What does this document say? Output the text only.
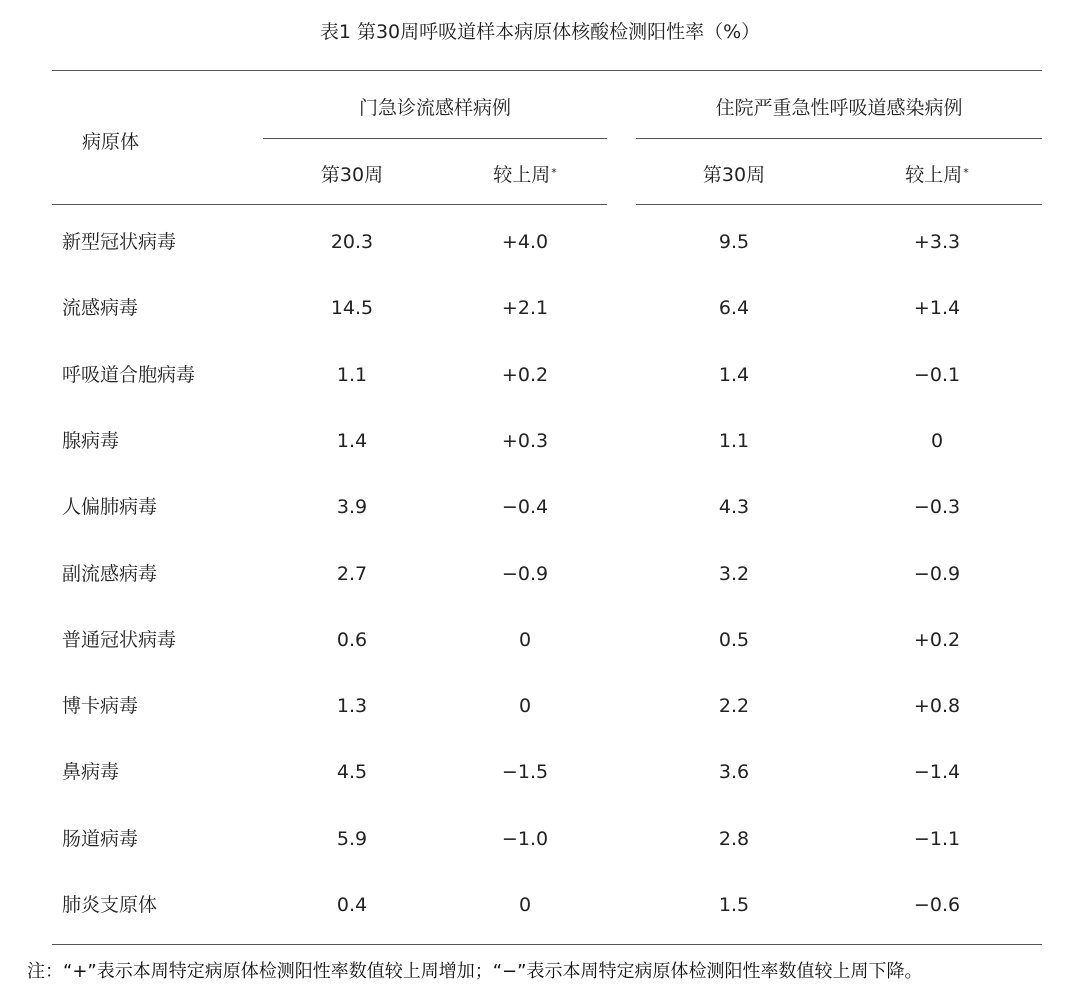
表1 第30周呼吸道样本病原体核酸检测阳性率（%）
病原体
门急诊流感样病例	住院严重急性呼吸道感染病例
第30周	较上周*	第30周	较上周*
新型冠状病毒	20.3	+4.0	9.5	+3.3
流感病毒	14.5	+2.1	6.4	+1.4
呼吸道合胞病毒	1.1	+0.2	1.4	−0.1
腺病毒	1.4	+0.3	1.1	0
人偏肺病毒	3.9	−0.4	4.3	−0.3
副流感病毒	2.7	−0.9	3.2	−0.9
普通冠状病毒	0.6	0	0.5	+0.2
博卡病毒	1.3	0	2.2	+0.8
鼻病毒	4.5	−1.5	3.6	−1.4
肠道病毒	5.9	−1.0	2.8	−1.1
肺炎支原体	0.4	0	1.5	−0.6
注：“+”表示本周特定病原体检测阳性率数值较上周增加；“−”表示本周特定病原体检测阳性率数值较上周下降。
